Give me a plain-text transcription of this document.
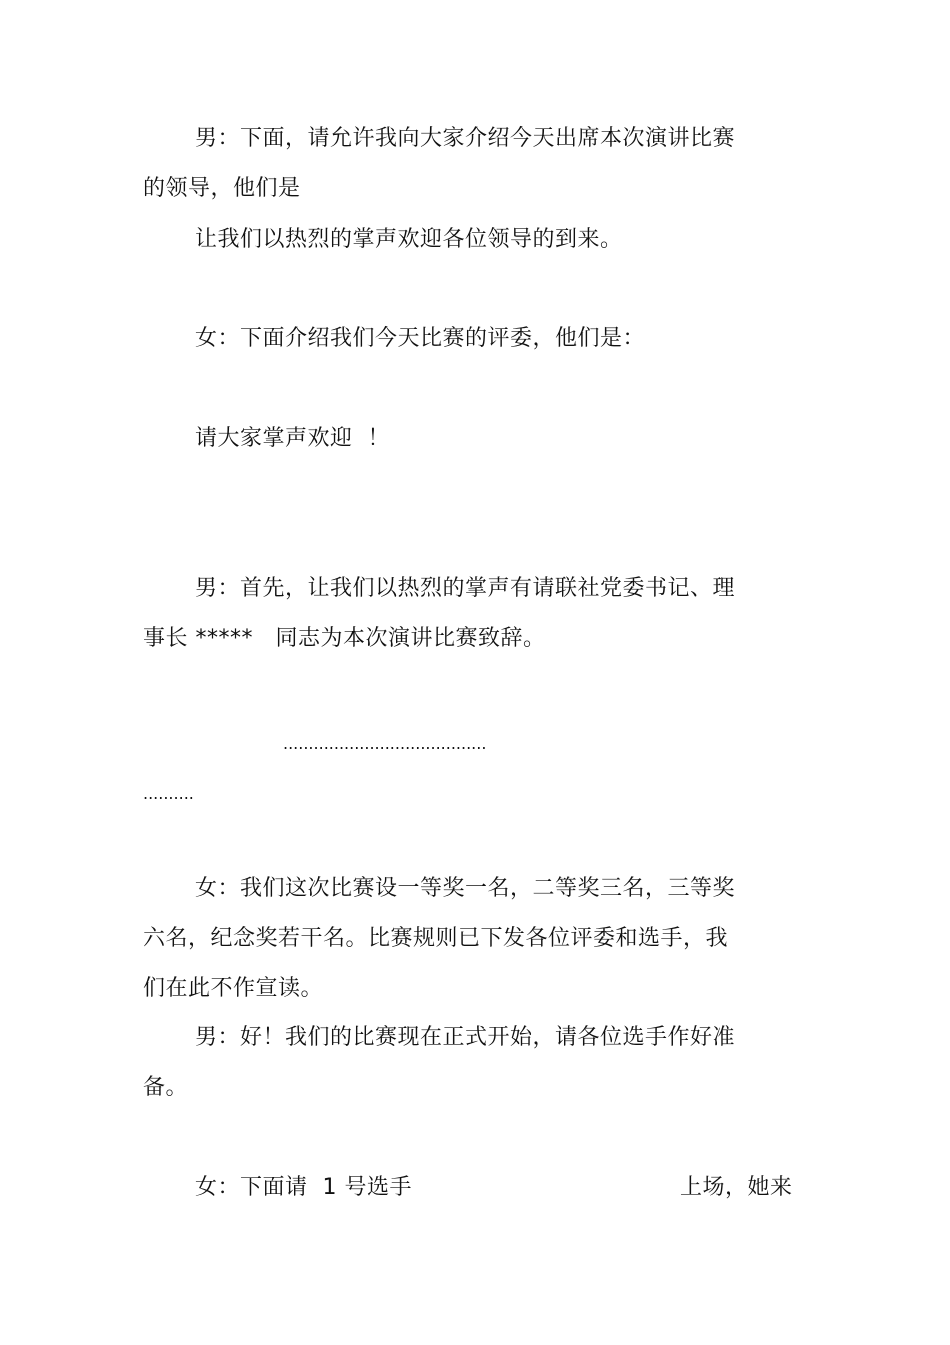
男：下面，请允许我向大家介绍今天出席本次演讲比赛
的领导，他们是
让我们以热烈的掌声欢迎各位领导的到来。
女：下面介绍我们今天比赛的评委，他们是：
请大家掌声欢迎  ！
男：首先，让我们以热烈的掌声有请联社党委书记、理
事长 *****   同志为本次演讲比赛致辞。
........................................
..........
女：我们这次比赛设一等奖一名，二等奖三名，三等奖
六名，纪念奖若干名。比赛规则已下发各位评委和选手，我
们在此不作宣读。
男：好！我们的比赛现在正式开始，请各位选手作好准
备。
女：下面请  1 号选手	上场，她来
